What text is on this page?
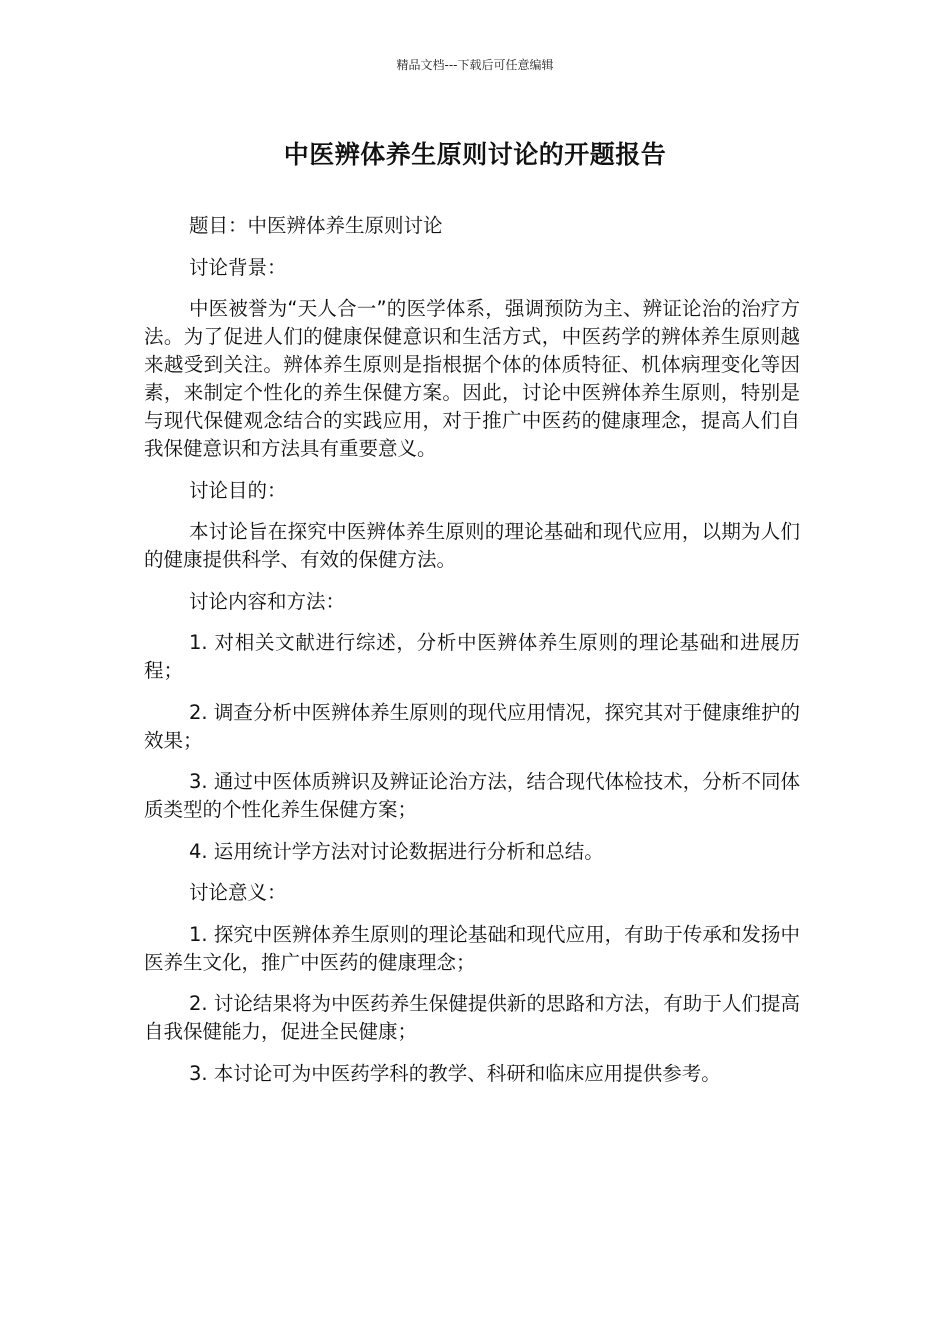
精品文档---下载后可任意编辑
中医辨体养生原则讨论的开题报告

题目：中医辨体养生原则讨论

讨论背景：

中医被誉为“天人合一”的医学体系，强调预防为主、辨证论治的治疗方法。为了促进人们的健康保健意识和生活方式，中医药学的辨体养生原则越来越受到关注。辨体养生原则是指根据个体的体质特征、机体病理变化等因素，来制定个性化的养生保健方案。因此，讨论中医辨体养生原则，特别是与现代保健观念结合的实践应用，对于推广中医药的健康理念，提高人们自我保健意识和方法具有重要意义。

讨论目的：

本讨论旨在探究中医辨体养生原则的理论基础和现代应用，以期为人们的健康提供科学、有效的保健方法。

讨论内容和方法：

1. 对相关文献进行综述，分析中医辨体养生原则的理论基础和进展历程；

2. 调查分析中医辨体养生原则的现代应用情况，探究其对于健康维护的效果；

3. 通过中医体质辨识及辨证论治方法，结合现代体检技术，分析不同体质类型的个性化养生保健方案；

4. 运用统计学方法对讨论数据进行分析和总结。

讨论意义：

1. 探究中医辨体养生原则的理论基础和现代应用，有助于传承和发扬中医养生文化，推广中医药的健康理念；

2. 讨论结果将为中医药养生保健提供新的思路和方法，有助于人们提高自我保健能力，促进全民健康；

3. 本讨论可为中医药学科的教学、科研和临床应用提供参考。
